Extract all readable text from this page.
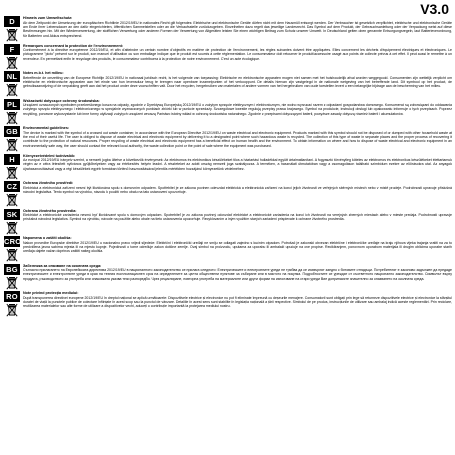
V3.0
D	Hinweis zum Umweltschutz:
Ab dem Zeitpunkt der Umsetzung der europäischen Richtlinie 2012/19/EU in nationales Recht gilt folgendes: Elektrische und elektronische Geräte dürfen nicht mit dem Hausmüll entsorgt werden. Der Verbraucher ist gesetzlich verpflichtet, elektrische und elektronische Geräte am Ende ihrer Lebensdauer an den dafür eingerichteten, öffentlichen Sammelstellen oder an die Verkaufsstelle zurückzugeben. Einzelheiten dazu regelt das jeweilige Landesrecht. Das Symbol auf dem Produkt, der Gebrauchsanleitung oder der Verpackung weist auf diese Bestimmungen hin. Mit der Wiederverwertung, der stofflichen Verwertung oder anderen Formen der Verwertung von Altgeräten leisten Sie einen wichtigen Beitrag zum Schutz unserer Umwelt. In Deutschland gelten oben genannte Entsorgungsregeln, laut Batterieverordnung, für Batterien und Akkus entsprechend.
F	Remarques concernant la protection de l'environnement:
Conformément à la directive européenne 2012/19/EU, et afin d'atteindre un certain nombre d'objectifs en matière de protection de l'environnement, les règles suivantes doivent être appliquées. Elles concernent les déchets d'équipement électriques et électroniques. Le pictogramme "picto" présent sur le produit, son manuel d'utilisation ou son emballage indique que le produit est soumis à cette réglementation. Le consommateur doit retourner le produit/accessoire usagé aux points de collecte prévus à cet effet. Il peut aussi le remettre à un revendeur. En permettant enfin le recyclage des produits, le consommateur contribuera à la protection de notre environnement. C'est un acte écologique.
NL	Notes m.b.t. het milieu:
Betreffende de omzetting van de Europese Richtlijn 2012/19/EU in nationaal juridisch recht, is het volgende van toepassing: Elektrische en elektronische apparaten mogen niet samen met het huishoudelijk afval worden weggegooid. Consumenten zijn wettelijk verplicht om elektrische en elektronische apparaten aan het einde van hun levensduur terug te brengen naar openbare inzamelpunten of het verkooppunt. De details hiervan zijn vastgelegd in de nationale wetgeving van het betreffende land. Dit symbool op het product, de gebruiksaanwijzing of de verpakking geeft aan dat het product onder deze voorschriften valt. Door het recyclen, hergebruiken van materialen of andere vormen van het hergebruiken van oude toestellen levert u een belangrijke bijdrage aan de bescherming van het milieu.
PL	Wskazówki dotyczące ochrony środowiska:
Urządzeń oznaczonych symbolem przekreślonego kosza na odpady, zgodnie z Dyrektywą Europejską 2012/19/EU o zużytym sprzęcie elektrycznym i elektronicznym, nie wolno wyrzucać razem z odpadami gospodarstwa domowego. Konsumenci są zobowiązani do oddawania zużytego sprzętu elektrycznego i elektronicznego w specjalnie wyznaczonych punktach zbiórki lub w punkcie sprzedaży. Szczegółowe kwestie regulują przepisy prawa krajowego. Symbol na produkcie, instrukcji obsługi lub opakowaniu informuje o tych przepisach. Poprzez recykling, ponowne wykorzystanie lub inne formy utylizacji zużytych urządzeń wnoszą Państwo istotny wkład w ochronę środowiska naturalnego. Zgodnie z przepisami dotyczącymi baterii, powyższe zasady dotyczą również baterii i akumulatorów.
GB	Environmental guidelines:
The device is marked with the symbol of a crossed out waste container, in accordance with the European Directive 2012/19/EU on waste electrical and electronic equipment. Products marked with this symbol should not be disposed of or dumped with other household waste at the end of their useful life. The user is obliged to dispose of waste electrical and electronic equipment by delivering it to a designated point where such hazardous waste is recycled. The collection of this type of waste in separate places and the proper process of recovering it contribute to the protection of natural resources. Proper recycling of waste electrical and electronic equipment has a beneficial effect on human health and the environment. To obtain information on where and how to dispose of waste electrical and electronic equipment in an environmentally safe way, the user should contact the relevant local authority, the waste collection point or the point of sale where the equipment was purchased.
H	Környezetvédelmi tudnivalók:
Az európai 2012/19/EU irányelv szerint, a nemzeti jogba ültetve a következők érvényesek: Az elektromos és elektronikus készülékeket tilos a háztartási hulladékkal együtt ártalmatlanítani. A fogyasztó törvényileg köteles az elektromos és elektronikus készülékeket élettartamuk végén az e célra létesített nyilvános gyűjtőhelyeken vagy az értékesítés helyén leadni. A részleteket az adott ország nemzeti joga szabályozza. A terméken, a használati útmutatóban vagy a csomagoláson található szimbólum ezekre az előírásokra utal. Az anyagok újrahasznosításával vagy a régi készülékek egyéb formában történő hasznosításával jelentős mértékben hozzájárul környezetünk védelméhez.
CZ	Ochrana životního prostředí:
Elektrická a elektronická zařízení nesmí být likvidována spolu s domovním odpadem. Spotřebitel je ze zákona povinen odevzdat elektrická a elektronická zařízení na konci jejich životnosti ve veřejných sběrných místech nebo v místě prodeje. Podrobnosti upravuje příslušná národní legislativa. Tento symbol na výrobku, návodu k použití nebo obalu na tato ustanovení upozorňuje.
SK	Ochrana životného prostredia:
Elektrické a elektronické zariadenia nesmú byť likvidované spolu s domovým odpadom. Spotrebiteľ je zo zákona povinný odovzdať elektrické a elektronické zariadenia na konci ich životnosti na verejných zberných miestach alebo v mieste predaja. Podrobnosti upravuje príslušná národná legislatíva. Symbol na výrobku, návode na použitie alebo obale na tieto ustanovenia upozorňuje. Recyklovaním a iným využitím starých zariadení prispievate k ochrane životného prostredia.
CRO Napomena o zaštiti okoliša:
Nakon provedbe Europske direktive 2012/19/EU u nacionalno pravo vrijedi sljedeće: Električni i elektronički uređaji ne smiju se odlagati zajedno s kućnim otpadom. Potrošač je zakonski obvezan električne i elektroničke uređaje na kraju njihova vijeka trajanja vratiti na za to predviđena javna sabirna mjesta ili na mjesto kupnje. Pojedinosti o tome određuje zakon dotične zemlje. Ovaj simbol na proizvodu, uputama za uporabu ili ambalaži upućuje na ove propise. Recikliranjem, ponovnom uporabom materijala ili drugim oblicima uporabe starih uređaja dajete važan doprinos zaštiti našeg okoliša.
BG	Забележка за опазване на околната среда:
Съгласно прилагането на Европейската директива 2012/19/EU в националното законодателство се прилага следното: Електрическите и електронните уреди не трябва да се изхвърлят заедно с битовите отпадъци. Потребителят е законово задължен да предаде електрическите и електронните уреди в края на техния експлоатационен срок на определените за целта обществени пунктове за събиране или в мястото на покупка. Подробностите се уреждат от съответното национално законодателство. Символът върху продукта, ръководството за употреба или опаковката указва тези разпоредби. Чрез рециклиране, повторна употреба на материалите или други форми на използване на стари уреди Вие допринасяте значително за опазването на околната среда.
RO	Note privind protecția mediului:
După transpunerea directivei europene 2012/19/EU în dreptul național se aplică următoarele: Dispozitivele electrice și electronice nu pot fi eliminate împreună cu deșeurile menajere. Consumatorii sunt obligați prin lege să returneze dispozitivele electrice și electronice la sfârșitul duratei de viață la punctele publice de colectare înființate în acest scop sau la punctul de vânzare. Detaliile în acest sens sunt stabilite în legislația națională a țării respective. Simbolul de pe produs, instrucțiunile de utilizare sau ambalaj indică aceste reglementări. Prin reciclare, reutilizarea materialelor sau alte forme de utilizare a dispozitivelor vechi, aduceți o contribuție importantă la protejarea mediului nostru.
